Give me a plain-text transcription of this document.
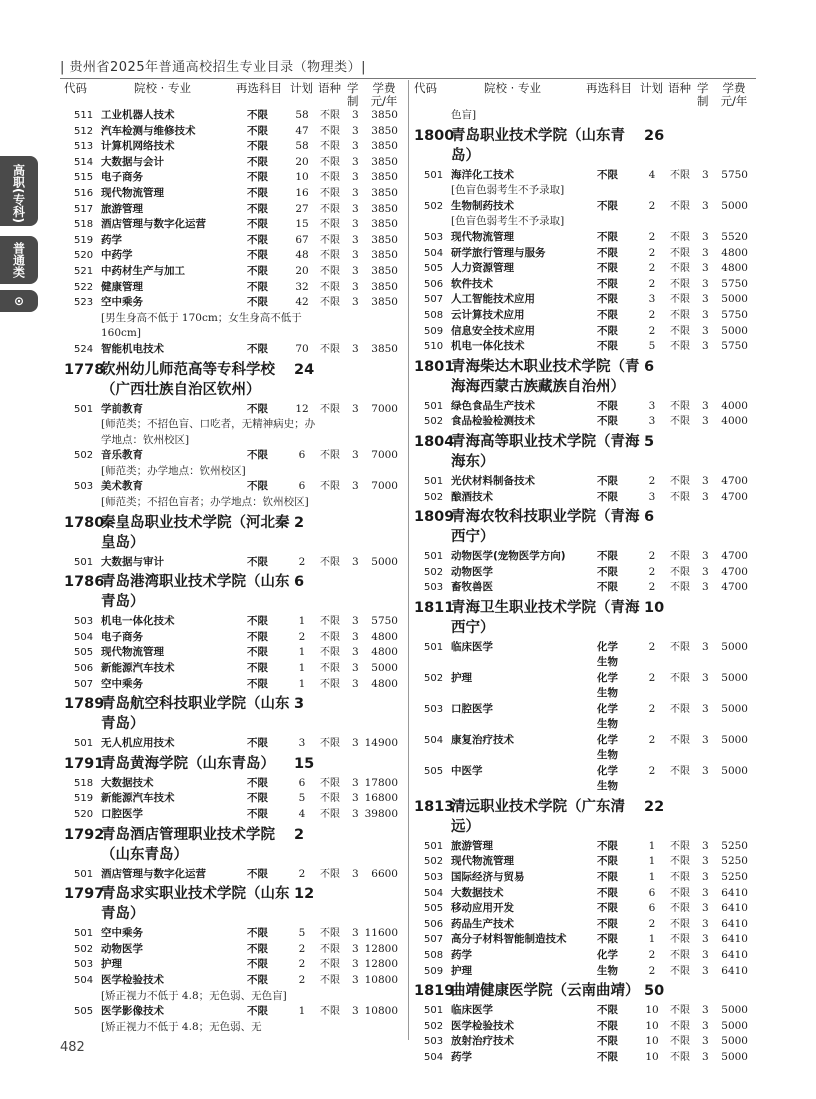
| 贵州省2025年普通高校招生专业目录（物理类）|
高职(专科)
普通类
⊙
代码	院校 · 专业	再选科目 计划 语种 学制
学费元/年
511 工业机器人技术	不限	58 不限 3	3850
512 汽车检测与维修技术	不限	47 不限 3	3850
513 计算机网络技术	不限	58 不限 3	3850
514 大数据与会计	不限	20 不限 3	3850
515 电子商务	不限	10 不限 3	3850
516 现代物流管理	不限	16 不限 3	3850
517 旅游管理	不限	27 不限 3	3850
518 酒店管理与数字化运营	不限	15 不限 3	3850
519 药学	不限	67 不限 3	3850
520 中药学	不限	48 不限 3	3850
521 中药材生产与加工	不限	20 不限 3	3850
522 健康管理	不限	32 不限 3	3850
523 空中乘务	不限	42 不限 3	3850
[男生身高不低于 170cm；女生身高不低于 160cm]
524 智能机电技术	不限	70 不限 3	3850
1778
钦州幼儿师范高等专科学校（广西壮族自治区钦州）
24
501 学前教育	不限	12 不限 3	7000
[师范类；不招色盲、口吃者，无精神病史；办学地点：钦州校区]
502 音乐教育	不限	6	不限 3	7000
[师范类；办学地点：钦州校区]
503 美术教育	不限	6	不限 3	7000
[师范类；不招色盲者；办学地点：钦州校区]
1780
秦皇岛职业技术学院（河北秦皇岛）
2
501 大数据与审计	不限	2	不限 3	5000
1786
青岛港湾职业技术学院（山东青岛）
6
503 机电一体化技术	不限	1	不限 3	5750
504 电子商务	不限	2	不限 3	4800
505 现代物流管理	不限	1	不限 3	4800
506 新能源汽车技术	不限	1	不限 3	5000
507 空中乘务	不限	1	不限 3	4800
1789
青岛航空科技职业学院（山东青岛）
3
501 无人机应用技术	不限	3	不限 3 14900
1791
青岛黄海学院（山东青岛）	15
518 大数据技术	不限	6	不限 3 17800
519 新能源汽车技术	不限	5	不限 3 16800
520 口腔医学	不限	4	不限 3 39800
1792
青岛酒店管理职业技术学院（山东青岛）
2
501 酒店管理与数字化运营	不限	2	不限 3	6600
1797
青岛求实职业技术学院（山东青岛）
12
501 空中乘务	不限	5	不限 3 11600
502 动物医学	不限	2	不限 3 12800
503 护理	不限	2	不限 3 12800
504 医学检验技术	不限	2	不限 3 10800
[矫正视力不低于 4.8；无色弱、无色盲]
505 医学影像技术	不限	1	不限 3 10800
[矫正视力不低于 4.8；无色弱、无
代码	院校 · 专业	再选科目 计划 语种 学制
学费元/年
色盲]
1800
青岛职业技术学院（山东青岛）
26
501 海洋化工技术	不限	4	不限 3	5750
[色盲色弱考生不予录取]
502 生物制药技术	不限	2	不限 3	5000
[色盲色弱考生不予录取]
503 现代物流管理	不限	2	不限 3	5520
504 研学旅行管理与服务	不限	2	不限 3	4800
505 人力资源管理	不限	2	不限 3	4800
506 软件技术	不限	2	不限 3	5750
507 人工智能技术应用	不限	3	不限 3	5000
508 云计算技术应用	不限	2	不限 3	5750
509 信息安全技术应用	不限	2	不限 3	5000
510 机电一体化技术	不限	5	不限 3	5750
1801
青海柴达木职业技术学院（青海海西蒙古族藏族自治州）
6
501 绿色食品生产技术	不限	3	不限 3	4000
502 食品检验检测技术	不限	3	不限 3	4000
1804
青海高等职业技术学院（青海海东）
5
501 光伏材料制备技术	不限	2	不限 3	4700
502 酿酒技术	不限	3	不限 3	4700
1809
青海农牧科技职业学院（青海西宁）
6
501 动物医学(宠物医学方向)	不限	2	不限 3	4700
502 动物医学	不限	2	不限 3	4700
503 畜牧兽医	不限	2	不限 3	4700
1811
青海卫生职业技术学院（青海西宁）
10
501 临床医学	化学
生物
2	不限 3	5000
502 护理	化学
生物
2	不限 3	5000
503 口腔医学	化学
生物
2	不限 3	5000
504 康复治疗技术	化学
生物
2	不限 3	5000
505 中医学	化学
生物
2	不限 3	5000
1813
清远职业技术学院（广东清远）
22
501 旅游管理	不限	1	不限 3	5250
502 现代物流管理	不限	1	不限 3	5250
503 国际经济与贸易	不限	1	不限 3	5250
504 大数据技术	不限	6	不限 3	6410
505 移动应用开发	不限	6	不限 3	6410
506 药品生产技术	不限	2	不限 3	6410
507 高分子材料智能制造技术	不限	1	不限 3	6410
508 药学	化学	2	不限 3	6410
509 护理	生物	2	不限 3	6410
1819
曲靖健康医学院（云南曲靖） 50
501 临床医学	不限	10 不限 3	5000
502 医学检验技术	不限	10 不限 3	5000
503 放射治疗技术	不限	10 不限 3	5000
504 药学	不限	10 不限 3	5000
482
